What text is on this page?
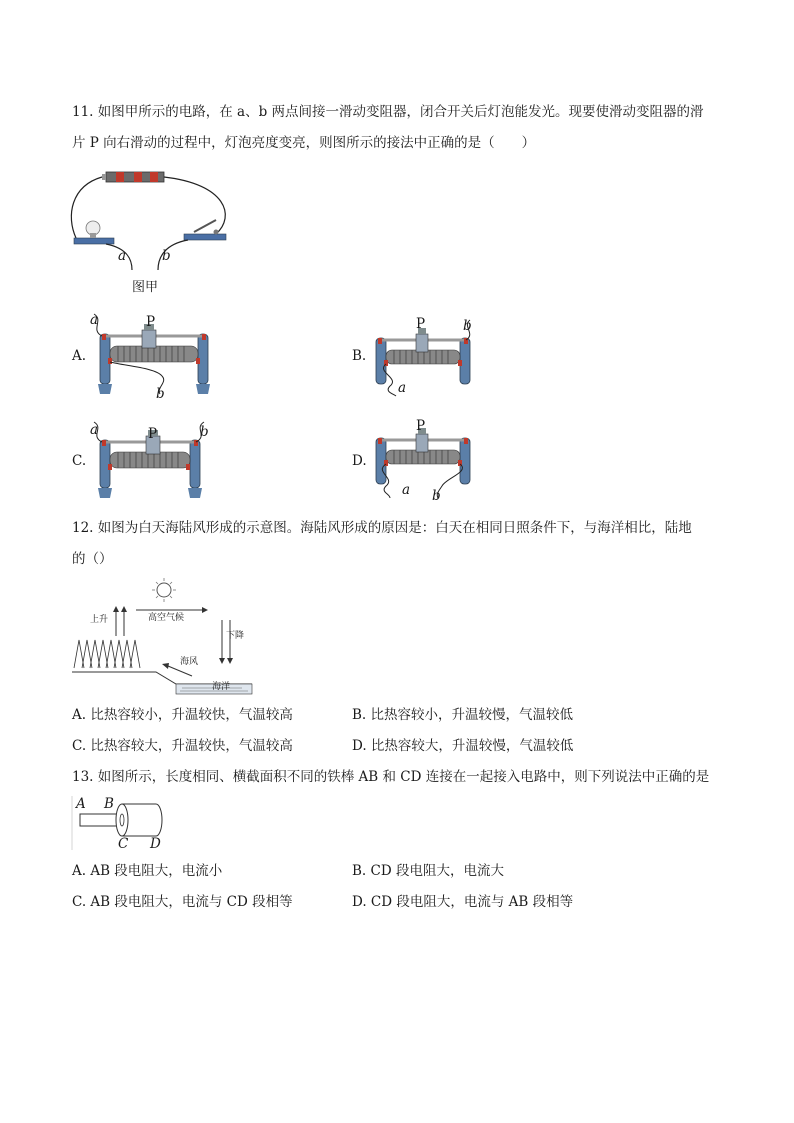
11. 如图甲所示的电路，在 a、b 两点间接一滑动变阻器，闭合开关后灯泡能发光。现要使滑动变阻器的滑
片 P 向右滑动的过程中，灯泡亮度变亮，则图所示的接法中正确的是（　　）
a	b
图甲
A.
a	P
b
B.
P	b
a
C.
a	P	b
D.
P
a b
12. 如图为白天海陆风形成的示意图。海陆风形成的原因是：白天在相同日照条件下，与海洋相比，陆地
的（）
上升	高空气候
下降
海风
海洋
A. 比热容较小，升温较快，气温较高	B. 比热容较小，升温较慢，气温较低
C. 比热容较大，升温较快，气温较高	D. 比热容较大，升温较慢，气温较低
13. 如图所示，长度相同、横截面积不同的铁棒 AB 和 CD 连接在一起接入电路中，则下列说法中正确的是
A B
C D
A. AB 段电阻大，电流小	B. CD 段电阻大，电流大
C. AB 段电阻大，电流与 CD 段相等	D. CD 段电阻大，电流与 AB 段相等
